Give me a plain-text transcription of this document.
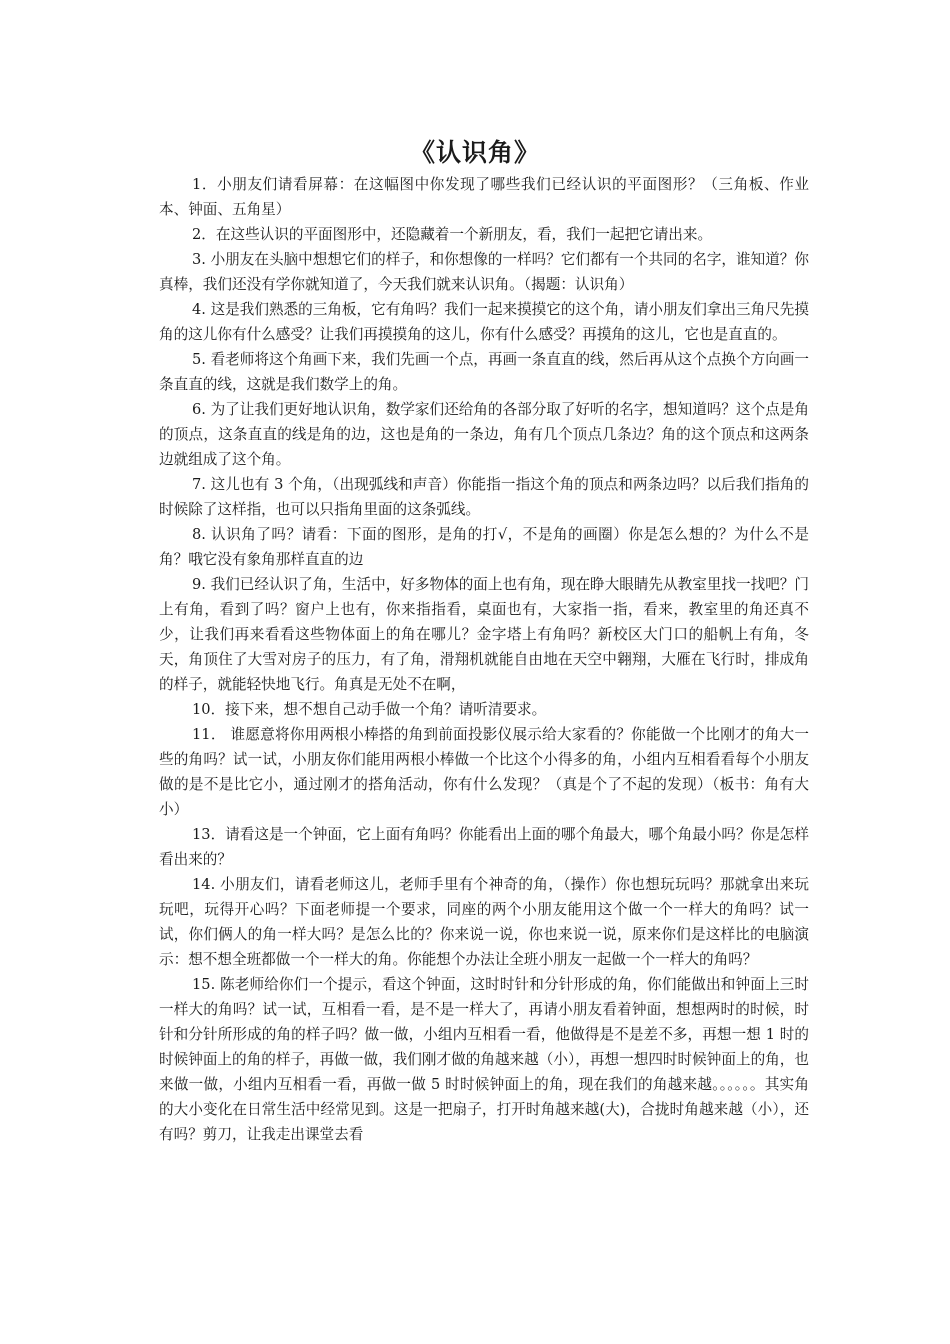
《认识角》

1．小朋友们请看屏幕：在这幅图中你发现了哪些我们已经认识的平面图形？（三角板、作业本、钟面、五角星）

2．在这些认识的平面图形中，还隐藏着一个新朋友，看，我们一起把它请出来。

3. 小朋友在头脑中想想它们的样子，和你想像的一样吗？它们都有一个共同的名字，谁知道？你真棒，我们还没有学你就知道了，今天我们就来认识角。（揭题：认识角）

4. 这是我们熟悉的三角板，它有角吗？我们一起来摸摸它的这个角，请小朋友们拿出三角尺先摸角的这儿你有什么感受？让我们再摸摸角的这儿，你有什么感受？再摸角的这儿，它也是直直的。

5. 看老师将这个角画下来，我们先画一个点，再画一条直直的线，然后再从这个点换个方向画一条直直的线，这就是我们数学上的角。

6. 为了让我们更好地认识角，数学家们还给角的各部分取了好听的名字，想知道吗？这个点是角的顶点，这条直直的线是角的边，这也是角的一条边，角有几个顶点几条边？角的这个顶点和这两条边就组成了这个角。

7. 这儿也有 3 个角，（出现弧线和声音）你能指一指这个角的顶点和两条边吗？以后我们指角的时候除了这样指，也可以只指角里面的这条弧线。

8. 认识角了吗？请看：下面的图形，是角的打√，不是角的画圈）你是怎么想的？为什么不是角？哦它没有象角那样直直的边

9. 我们已经认识了角，生活中，好多物体的面上也有角，现在睁大眼睛先从教室里找一找吧？门上有角，看到了吗？窗户上也有，你来指指看，桌面也有，大家指一指，看来，教室里的角还真不少，让我们再来看看这些物体面上的角在哪儿？金字塔上有角吗？新校区大门口的船帆上有角，冬天，角顶住了大雪对房子的压力，有了角，滑翔机就能自由地在天空中翱翔，大雁在飞行时，排成角的样子，就能轻快地飞行。角真是无处不在啊，

10．接下来，想不想自己动手做一个角？请听清要求。

11． 谁愿意将你用两根小棒搭的角到前面投影仪展示给大家看的？你能做一个比刚才的角大一些的角吗？试一试，小朋友你们能用两根小棒做一个比这个小得多的角，小组内互相看看每个小朋友做的是不是比它小，通过刚才的搭角活动，你有什么发现？（真是个了不起的发现）（板书：角有大小）

13．请看这是一个钟面，它上面有角吗？你能看出上面的哪个角最大，哪个角最小吗？你是怎样看出来的？

14. 小朋友们，请看老师这儿，老师手里有个神奇的角，（操作）你也想玩玩吗？那就拿出来玩玩吧，玩得开心吗？下面老师提一个要求，同座的两个小朋友能用这个做一个一样大的角吗？试一试，你们俩人的角一样大吗？是怎么比的？你来说一说，你也来说一说，原来你们是这样比的电脑演示：想不想全班都做一个一样大的角。你能想个办法让全班小朋友一起做一个一样大的角吗？

15. 陈老师给你们一个提示，看这个钟面，这时时针和分针形成的角，你们能做出和钟面上三时一样大的角吗？试一试，互相看一看，是不是一样大了，再请小朋友看着钟面，想想两时的时候，时针和分针所形成的角的样子吗？做一做，小组内互相看一看，他做得是不是差不多，再想一想 1 时的时候钟面上的角的样子，再做一做，我们刚才做的角越来越（小），再想一想四时时候钟面上的角，也来做一做，小组内互相看一看，再做一做 5 时时候钟面上的角，现在我们的角越来越。。。。。。其实角的大小变化在日常生活中经常见到。这是一把扇子，打开时角越来越(大)，合拢时角越来越（小），还有吗？剪刀，让我走出课堂去看
